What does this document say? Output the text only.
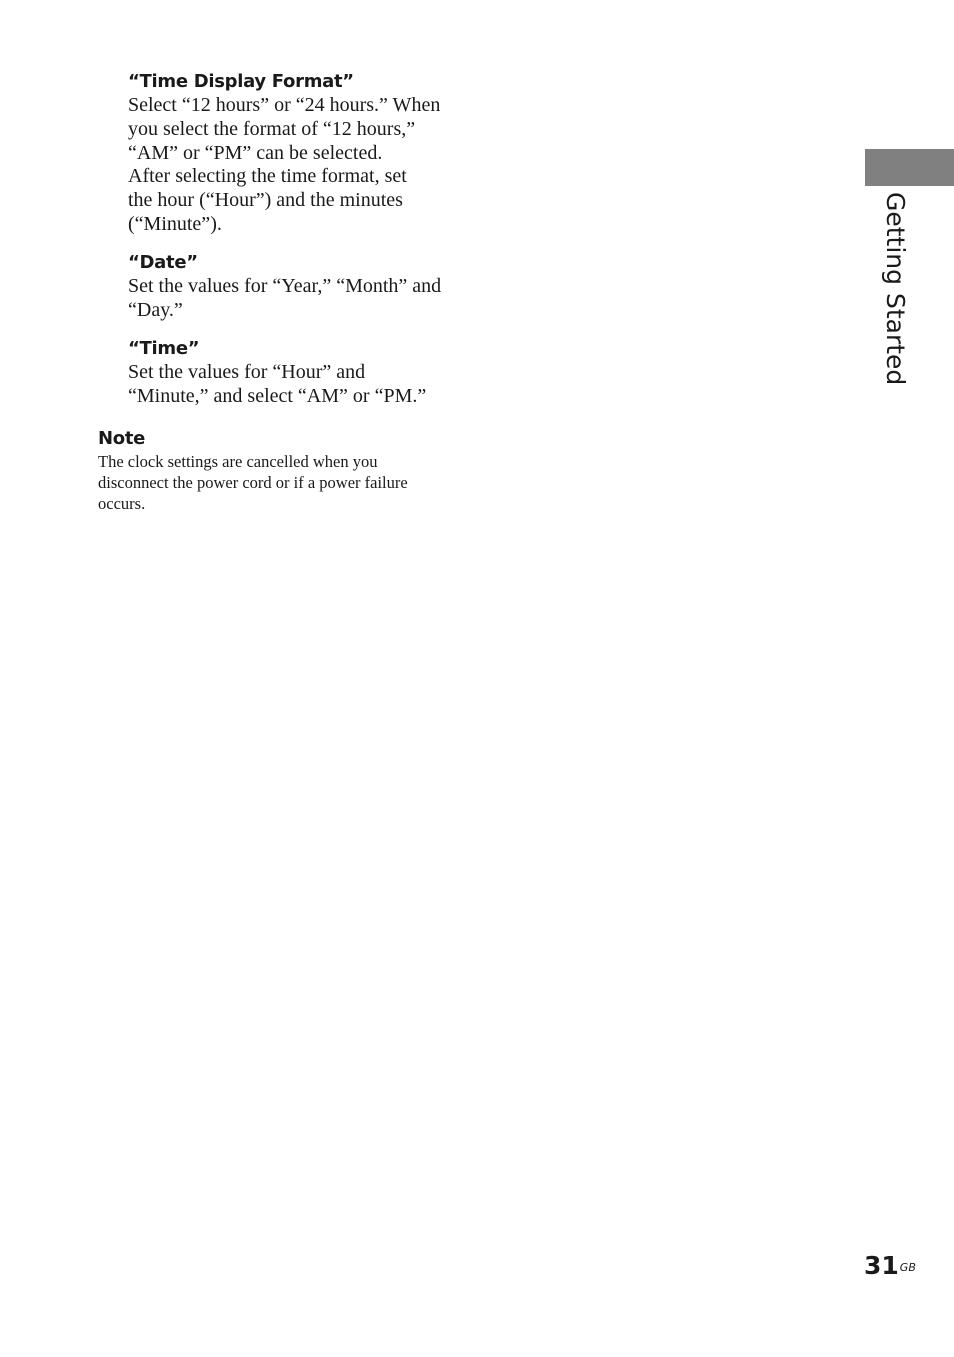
“Time Display Format”

Select “12 hours” or “24 hours.” When
you select the format of “12 hours,”
“AM” or “PM” can be selected.
After selecting the time format, set
the hour (“Hour”) and the minutes
(“Minute”).

“Date”

Set the values for “Year,” “Month” and
“Day.”

“Time”

Set the values for “Hour” and
“Minute,” and select “AM” or “PM.”

Note

The clock settings are cancelled when you
disconnect the power cord or if a power failure
occurs.

Getting Started
$31^{GB}$
